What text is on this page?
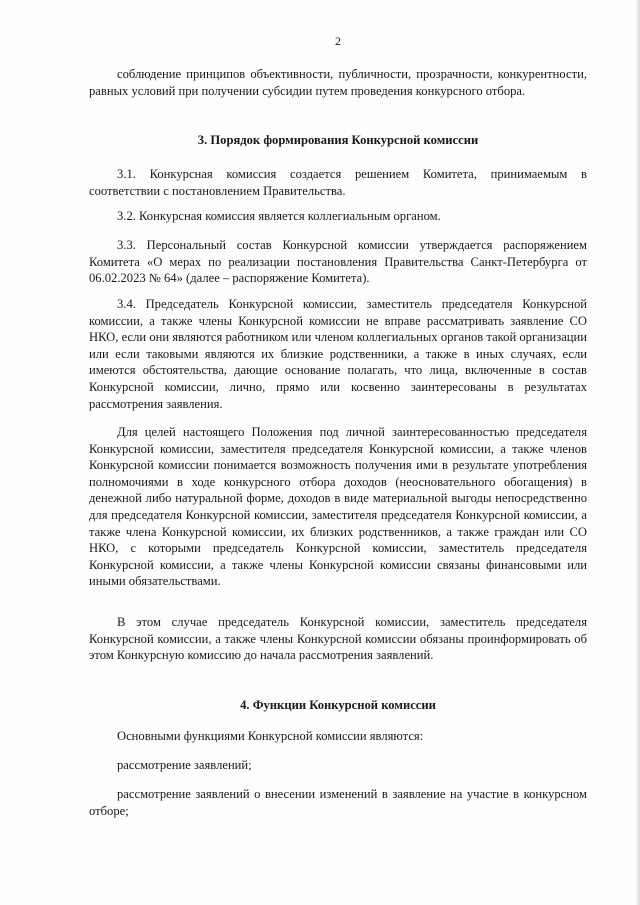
2

соблюдение принципов объективности, публичности, прозрачности, конкурентности, равных условий при получении субсидии путем проведения конкурсного отбора.

3. Порядок формирования Конкурсной комиссии

3.1. Конкурсная комиссия создается решением Комитета, принимаемым в соответствии с постановлением Правительства.

3.2. Конкурсная комиссия является коллегиальным органом.

3.3. Персональный состав Конкурсной комиссии утверждается распоряжением Комитета «О мерах по реализации постановления Правительства Санкт-Петербурга от 06.02.2023 № 64» (далее – распоряжение Комитета).

3.4. Председатель Конкурсной комиссии, заместитель председателя Конкурсной комиссии, а также члены Конкурсной комиссии не вправе рассматривать заявление СО НКО, если они являются работником или членом коллегиальных органов такой организации или если таковыми являются их близкие родственники, а также в иных случаях, если имеются обстоятельства, дающие основание полагать, что лица, включенные в состав Конкурсной комиссии, лично, прямо или косвенно заинтересованы в результатах рассмотрения заявления.

Для целей настоящего Положения под личной заинтересованностью председателя Конкурсной комиссии, заместителя председателя Конкурсной комиссии, а также членов Конкурсной комиссии понимается возможность получения ими в результате употребления полномочиями в ходе конкурсного отбора доходов (неосновательного обогащения) в денежной либо натуральной форме, доходов в виде материальной выгоды непосредственно для председателя Конкурсной комиссии, заместителя председателя Конкурсной комиссии, а также члена Конкурсной комиссии, их близких родственников, а также граждан или СО НКО, с которыми председатель Конкурсной комиссии, заместитель председателя Конкурсной комиссии, а также члены Конкурсной комиссии связаны финансовыми или иными обязательствами.

В этом случае председатель Конкурсной комиссии, заместитель председателя Конкурсной комиссии, а также члены Конкурсной комиссии обязаны проинформировать об этом Конкурсную комиссию до начала рассмотрения заявлений.

4. Функции Конкурсной комиссии

Основными функциями Конкурсной комиссии являются:

рассмотрение заявлений;

рассмотрение заявлений о внесении изменений в заявление на участие в конкурсном отборе;
